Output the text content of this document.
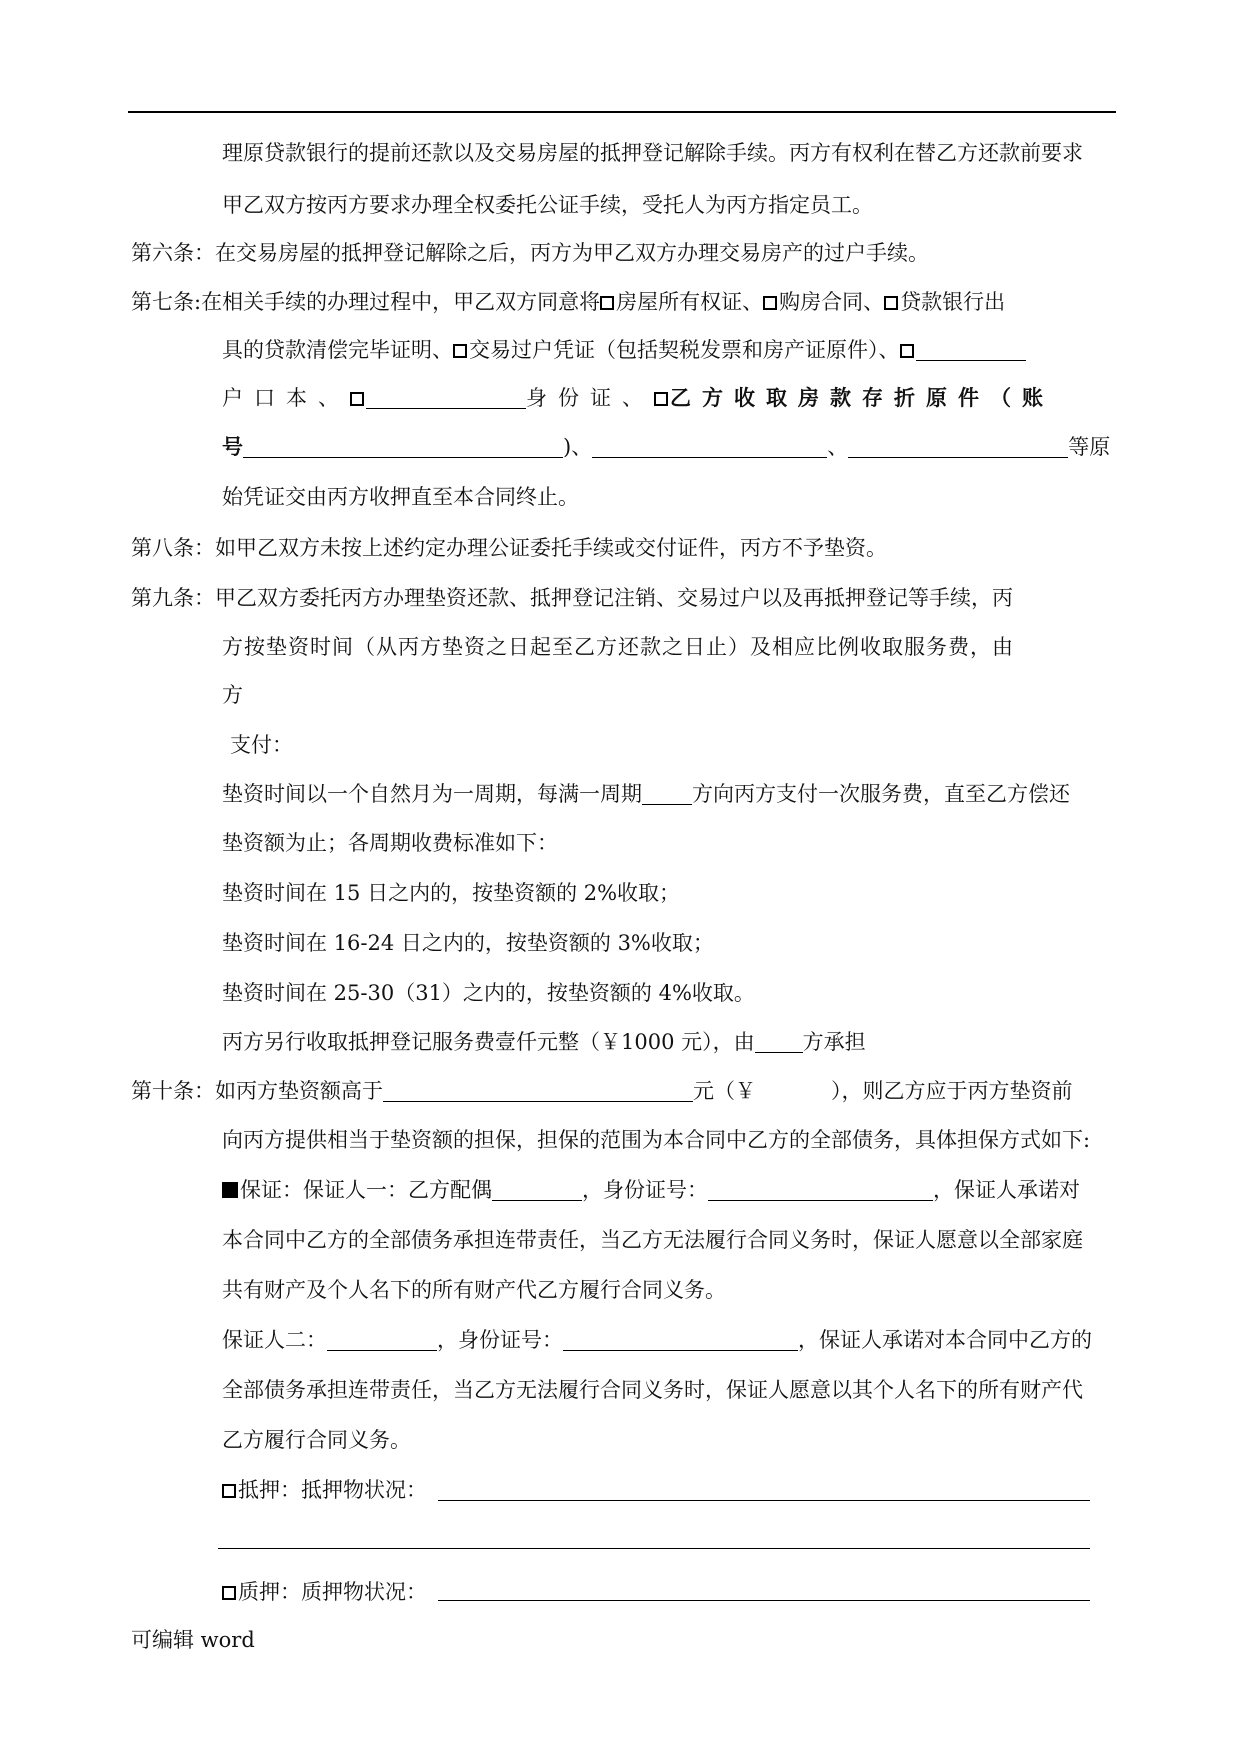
理原贷款银行的提前还款以及交易房屋的抵押登记解除手续。丙方有权利在替乙方还款前要求
甲乙双方按丙方要求办理全权委托公证手续，受托人为丙方指定员工。
第六条：在交易房屋的抵押登记解除之后，丙方为甲乙双方办理交易房产的过户手续。
第七条:在相关手续的办理过程中，甲乙双方同意将 房屋所有权证、 购房合同、 贷款银行出
具的贷款清偿完毕证明、 交易过户凭证（包括契税发票和房产证原件）、
户口本、	身份证、 乙方收取房款存折原件（账
号	)、	、	等原
始凭证交由丙方收押直至本合同终止。
第八条：如甲乙双方未按上述约定办理公证委托手续或交付证件，丙方不予垫资。
第九条：甲乙双方委托丙方办理垫资还款、抵押登记注销、交易过户以及再抵押登记等手续，丙
方按垫资时间（从丙方垫资之日起至乙方还款之日止）及相应比例收取服务费，由
方
支付：
垫资时间以一个自然月为一周期，每满一周期 方向丙方支付一次服务费，直至乙方偿还
垫资额为止；各周期收费标准如下：
垫资时间在 15 日之内的，按垫资额的 2%收取；
垫资时间在 16-24 日之内的，按垫资额的 3%收取；
垫资时间在 25-30（31）之内的，按垫资额的 4%收取。
丙方另行收取抵押登记服务费壹仟元整（￥1000 元），由 方承担
第十条：如丙方垫资额高于	元（￥	），则乙方应于丙方垫资前
向丙方提供相当于垫资额的担保，担保的范围为本合同中乙方的全部债务，具体担保方式如下:
保证：保证人一：乙方配偶	，身份证号：	，保证人承诺对
本合同中乙方的全部债务承担连带责任，当乙方无法履行合同义务时，保证人愿意以全部家庭
共有财产及个人名下的所有财产代乙方履行合同义务。
保证人二：	，身份证号：	，保证人承诺对本合同中乙方的
全部债务承担连带责任，当乙方无法履行合同义务时，保证人愿意以其个人名下的所有财产代
乙方履行合同义务。
抵押：抵押物状况：
质押：质押物状况：
可编辑 word
